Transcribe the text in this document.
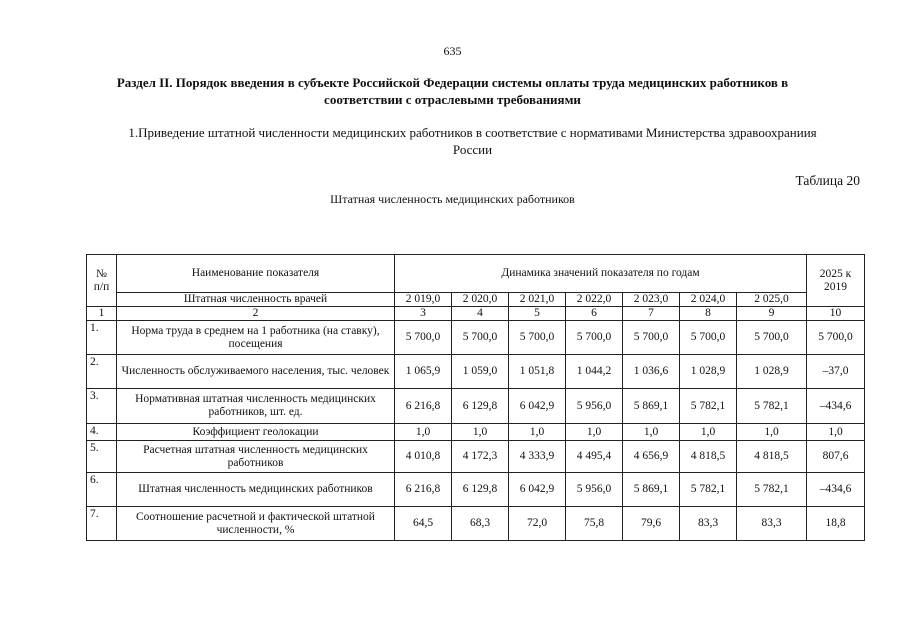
635
Раздел II. Порядок введения в субъекте Российской Федерации системы оплаты труда медицинских работников в соответствии с отраслевыми требованиями
1.Приведение штатной численности медицинских работников в соответствие с нормативами Министерства здравоохраниия России
Таблица 20
Штатная численность медицинских работников
№ п/п	Наименование показателя	Динамика значений показателя по годам							2025 к 2019
	Штатная численность врачей	2 019,0	2 020,0	2 021,0	2 022,0	2 023,0	2 024,0	2 025,0	
1	2	3	4	5	6	7	8	9	10
1.	Норма труда в среднем на 1 работника (на ставку), посещения	5 700,0	5 700,0	5 700,0	5 700,0	5 700,0	5 700,0	5 700,0	5 700,0
2.	Численность обслуживаемого населения, тыс. человек	1 065,9	1 059,0	1 051,8	1 044,2	1 036,6	1 028,9	1 028,9	–37,0
3.	Нормативная штатная численность медицинских работников, шт. ед.	6 216,8	6 129,8	6 042,9	5 956,0	5 869,1	5 782,1	5 782,1	–434,6
4.	Коэффициент геолокации	1,0	1,0	1,0	1,0	1,0	1,0	1,0	1,0
5.	Расчетная штатная численность медицинских работников	4 010,8	4 172,3	4 333,9	4 495,4	4 656,9	4 818,5	4 818,5	807,6
6.	Штатная численность медицинских работников	6 216,8	6 129,8	6 042,9	5 956,0	5 869,1	5 782,1	5 782,1	–434,6
7.	Соотношение расчетной и фактической штатной численности, %	64,5	68,3	72,0	75,8	79,6	83,3	83,3	18,8
